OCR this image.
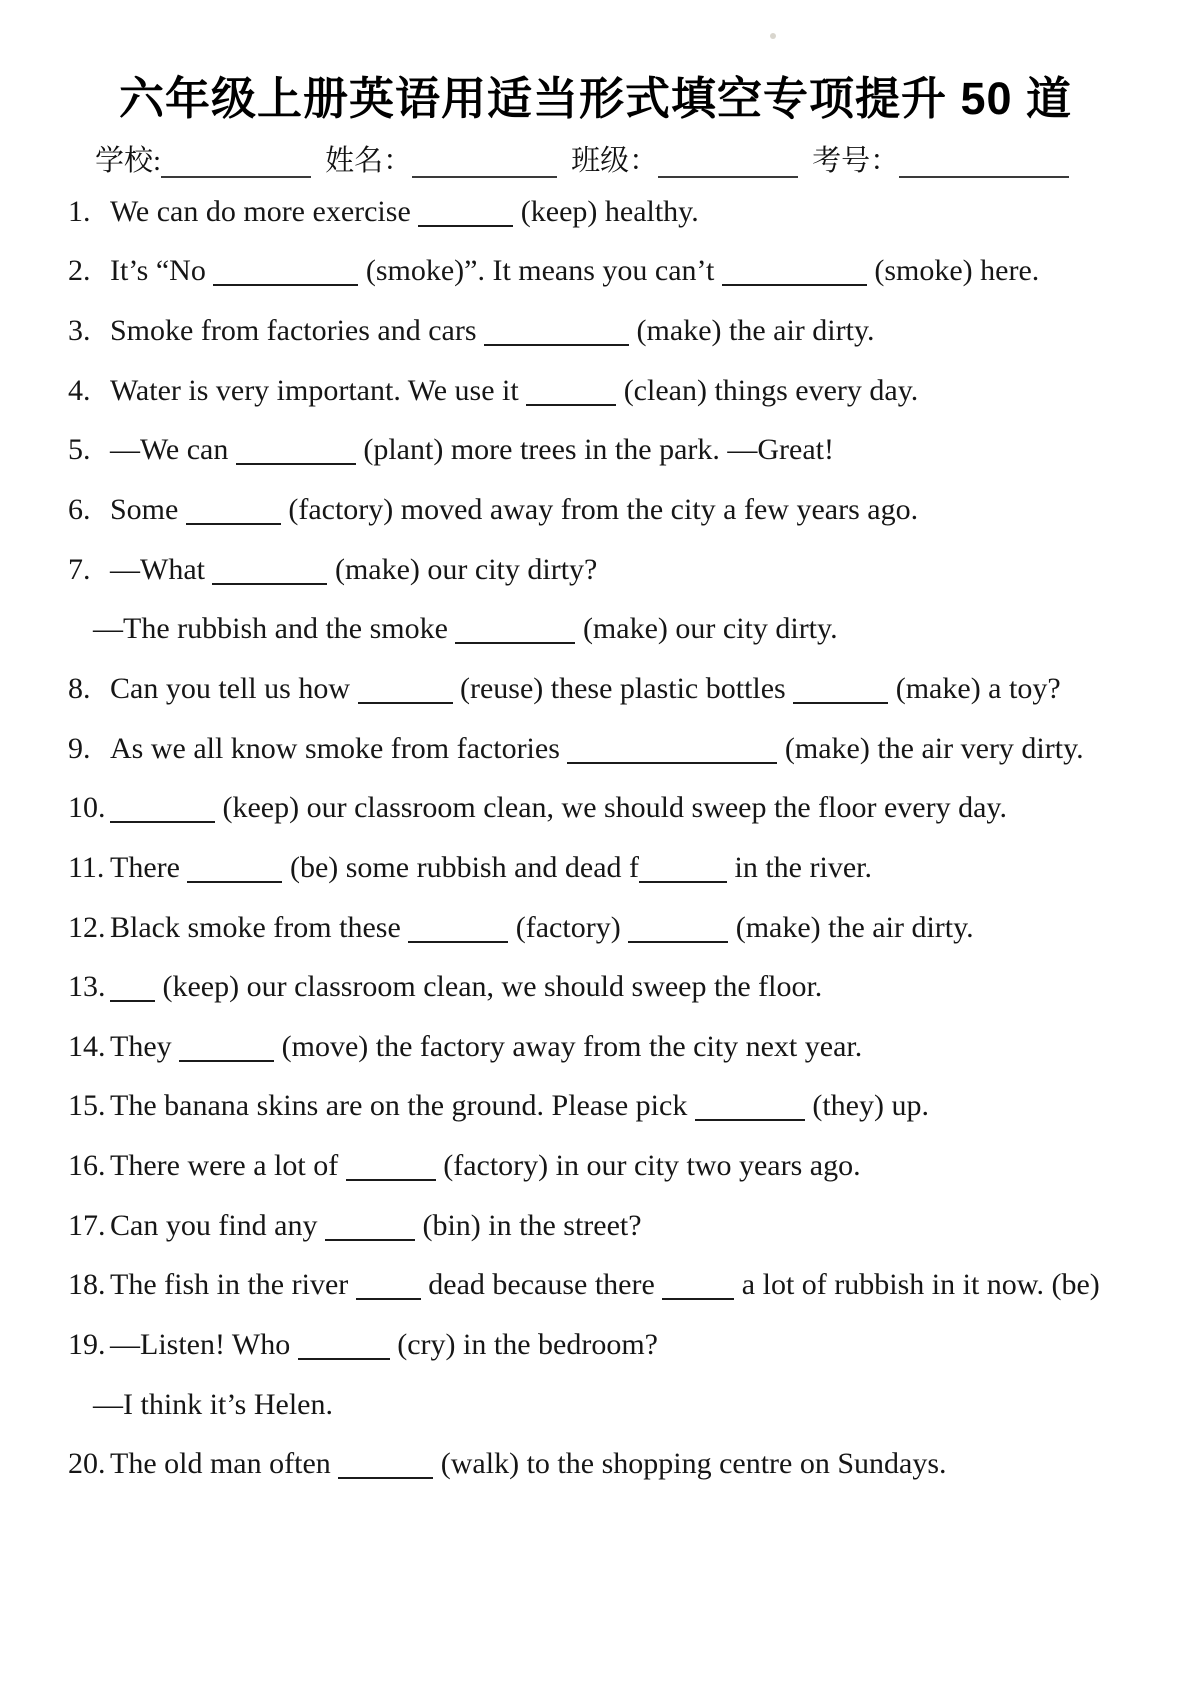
六年级上册英语用适当形式填空专项提升 50 道
学校:	姓名：	班级：	考号：
1. We can do more exercise	(keep) healthy.
2. It’s “No	(smoke)”. It means you can’t	(smoke) here.
3. Smoke from factories and cars	(make) the air dirty.
4. Water is very important. We use it	(clean) things every day.
5. —We can	(plant) more trees in the park. —Great!
6. Some	(factory) moved away from the city a few years ago.
7. —What	(make) our city dirty?
—The rubbish and the smoke	(make) our city dirty.
8. Can you tell us how	(reuse) these plastic bottles	(make) a toy?
9. As we all know smoke from factories	(make) the air very dirty.
10.	(keep) our classroom clean, we should sweep the floor every day.
11. There	(be) some rubbish and dead f	in the river.
12. Black smoke from these	(factory)	(make) the air dirty.
13.	(keep) our classroom clean, we should sweep the floor.
14. They	(move) the factory away from the city next year.
15. The banana skins are on the ground. Please pick	(they) up.
16. There were a lot of	(factory) in our city two years ago.
17. Can you find any	(bin) in the street?
18. The fish in the river  dead because there  a lot of rubbish in it now. (be)
19. —Listen! Who	(cry) in the bedroom?
—I think it’s Helen.
20. The old man often	(walk) to the shopping centre on Sundays.
